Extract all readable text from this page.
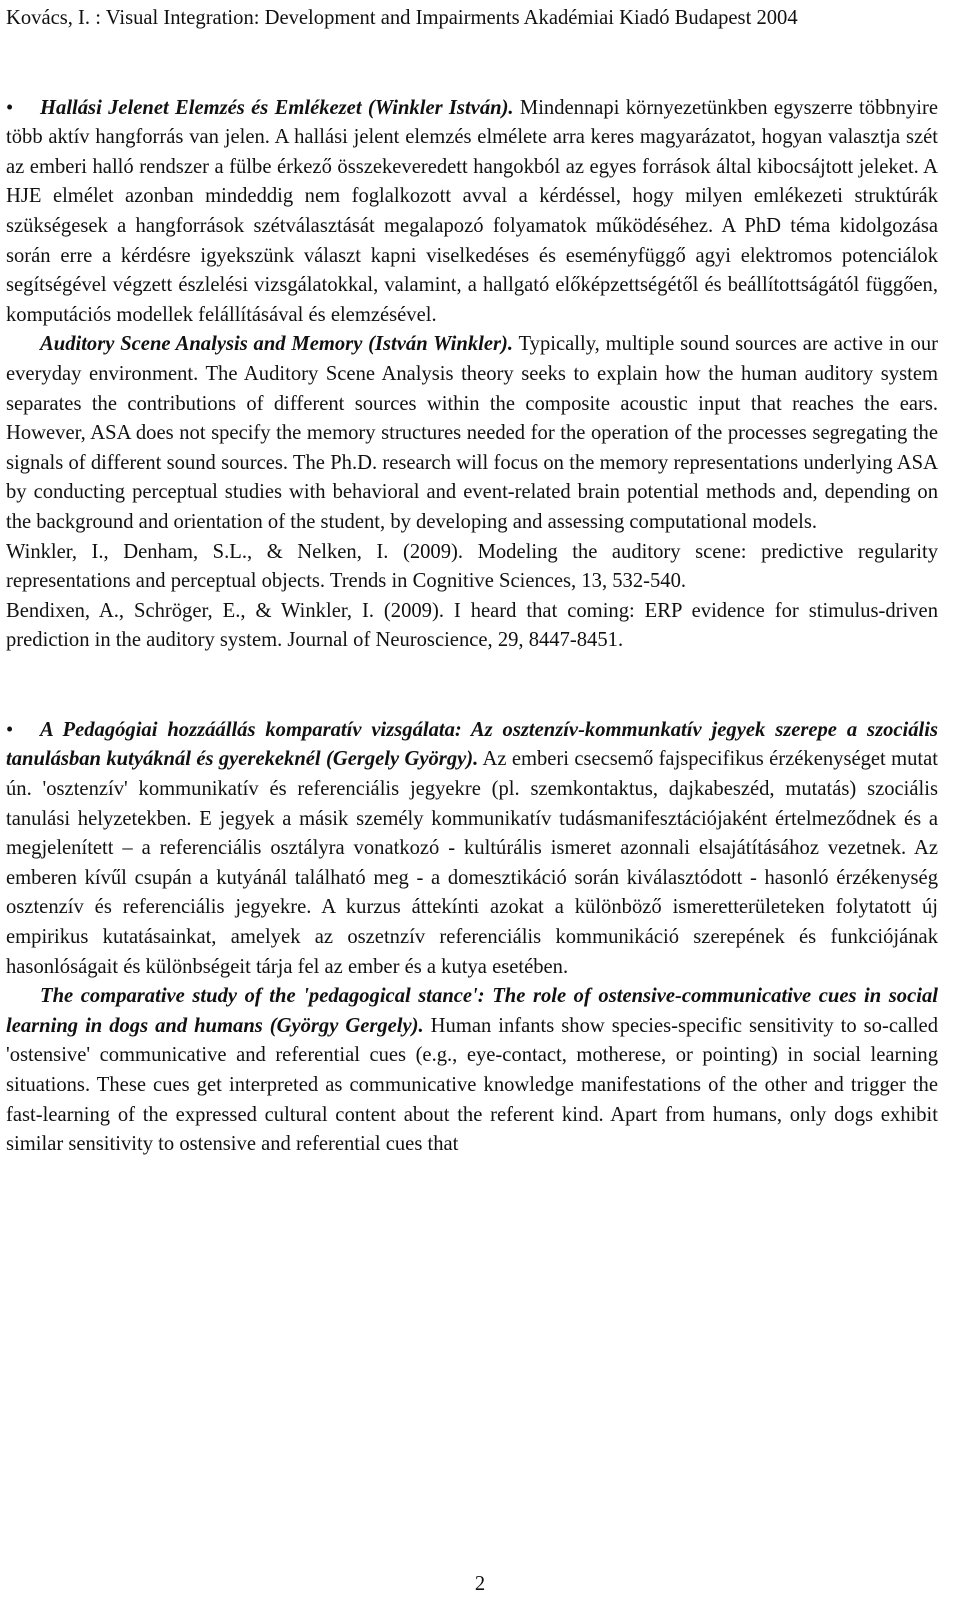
Kovács, I. : Visual Integration: Development and Impairments Akadémiai Kiadó Budapest 2004

•	Hallási Jelenet Elemzés és Emlékezet (Winkler István). Mindennapi környezetünkben egyszerre többnyire több aktív hangforrás van jelen. A hallási jelent elemzés elmélete arra keres magyarázatot, hogyan valasztja szét az emberi halló rendszer a fülbe érkező összekeveredett hangokból az egyes források által kibocsájtott jeleket. A HJE elmélet azonban mindeddig nem foglalkozott avval a kérdéssel, hogy milyen emlékezeti struktúrák szükségesek a hangforrások szétválasztását megalapozó folyamatok működéséhez. A PhD téma kidolgozása során erre a kérdésre igyekszünk választ kapni viselkedéses és eseményfüggő agyi elektromos potenciálok segítségével végzett észlelési vizsgálatokkal, valamint, a hallgató előképzettségétől és beállítottságától függően, komputációs modellek felállításával és elemzésével.

Auditory Scene Analysis and Memory (István Winkler). Typically, multiple sound sources are active in our everyday environment. The Auditory Scene Analysis theory seeks to explain how the human auditory system separates the contributions of different sources within the composite acoustic input that reaches the ears. However, ASA does not specify the memory structures needed for the operation of the processes segregating the signals of different sound sources. The Ph.D. research will focus on the memory representations underlying ASA by conducting perceptual studies with behavioral and event-related brain potential methods and, depending on the background and orientation of the student, by developing and assessing computational models.

Winkler, I., Denham, S.L., & Nelken, I. (2009). Modeling the auditory scene: predictive regularity representations and perceptual objects. Trends in Cognitive Sciences, 13, 532-540.

Bendixen, A., Schröger, E., & Winkler, I. (2009). I heard that coming: ERP evidence for stimulus-driven prediction in the auditory system. Journal of Neuroscience, 29, 8447-8451.

•	A Pedagógiai hozzáállás komparatív vizsgálata: Az osztenzív-kommunkatív jegyek szerepe a szociális tanulásban kutyáknál és gyerekeknél (Gergely György). Az emberi csecsemő fajspecifikus érzékenységet mutat ún. 'osztenzív' kommunikatív és referenciális jegyekre (pl. szemkontaktus, dajkabeszéd, mutatás) szociális tanulási helyzetekben. E jegyek a másik személy kommunikatív tudásmanifesztációjaként értelmeződnek és a megjelenített – a referenciális osztályra vonatkozó - kultúrális ismeret azonnali elsajátításához vezetnek. Az emberen kívűl csupán a kutyánál található meg - a domesztikáció során kiválasztódott - hasonló érzékenység osztenzív és referenciális jegyekre. A kurzus áttekínti azokat a különböző ismeretterületeken folytatott új empirikus kutatásainkat, amelyek az oszetnzív referenciális kommunikáció szerepének és funkciójának hasonlóságait és különbségeit tárja fel az ember és a kutya esetében.

The comparative study of the 'pedagogical stance': The role of ostensive-communicative cues in social learning in dogs and humans (György Gergely). Human infants show species-specific sensitivity to so-called 'ostensive' communicative and referential cues (e.g., eye-contact, motherese, or pointing) in social learning situations. These cues get interpreted as communicative knowledge manifestations of the other and trigger the fast-learning of the expressed cultural content about the referent kind. Apart from humans, only dogs exhibit similar sensitivity to ostensive and referential cues that

2
